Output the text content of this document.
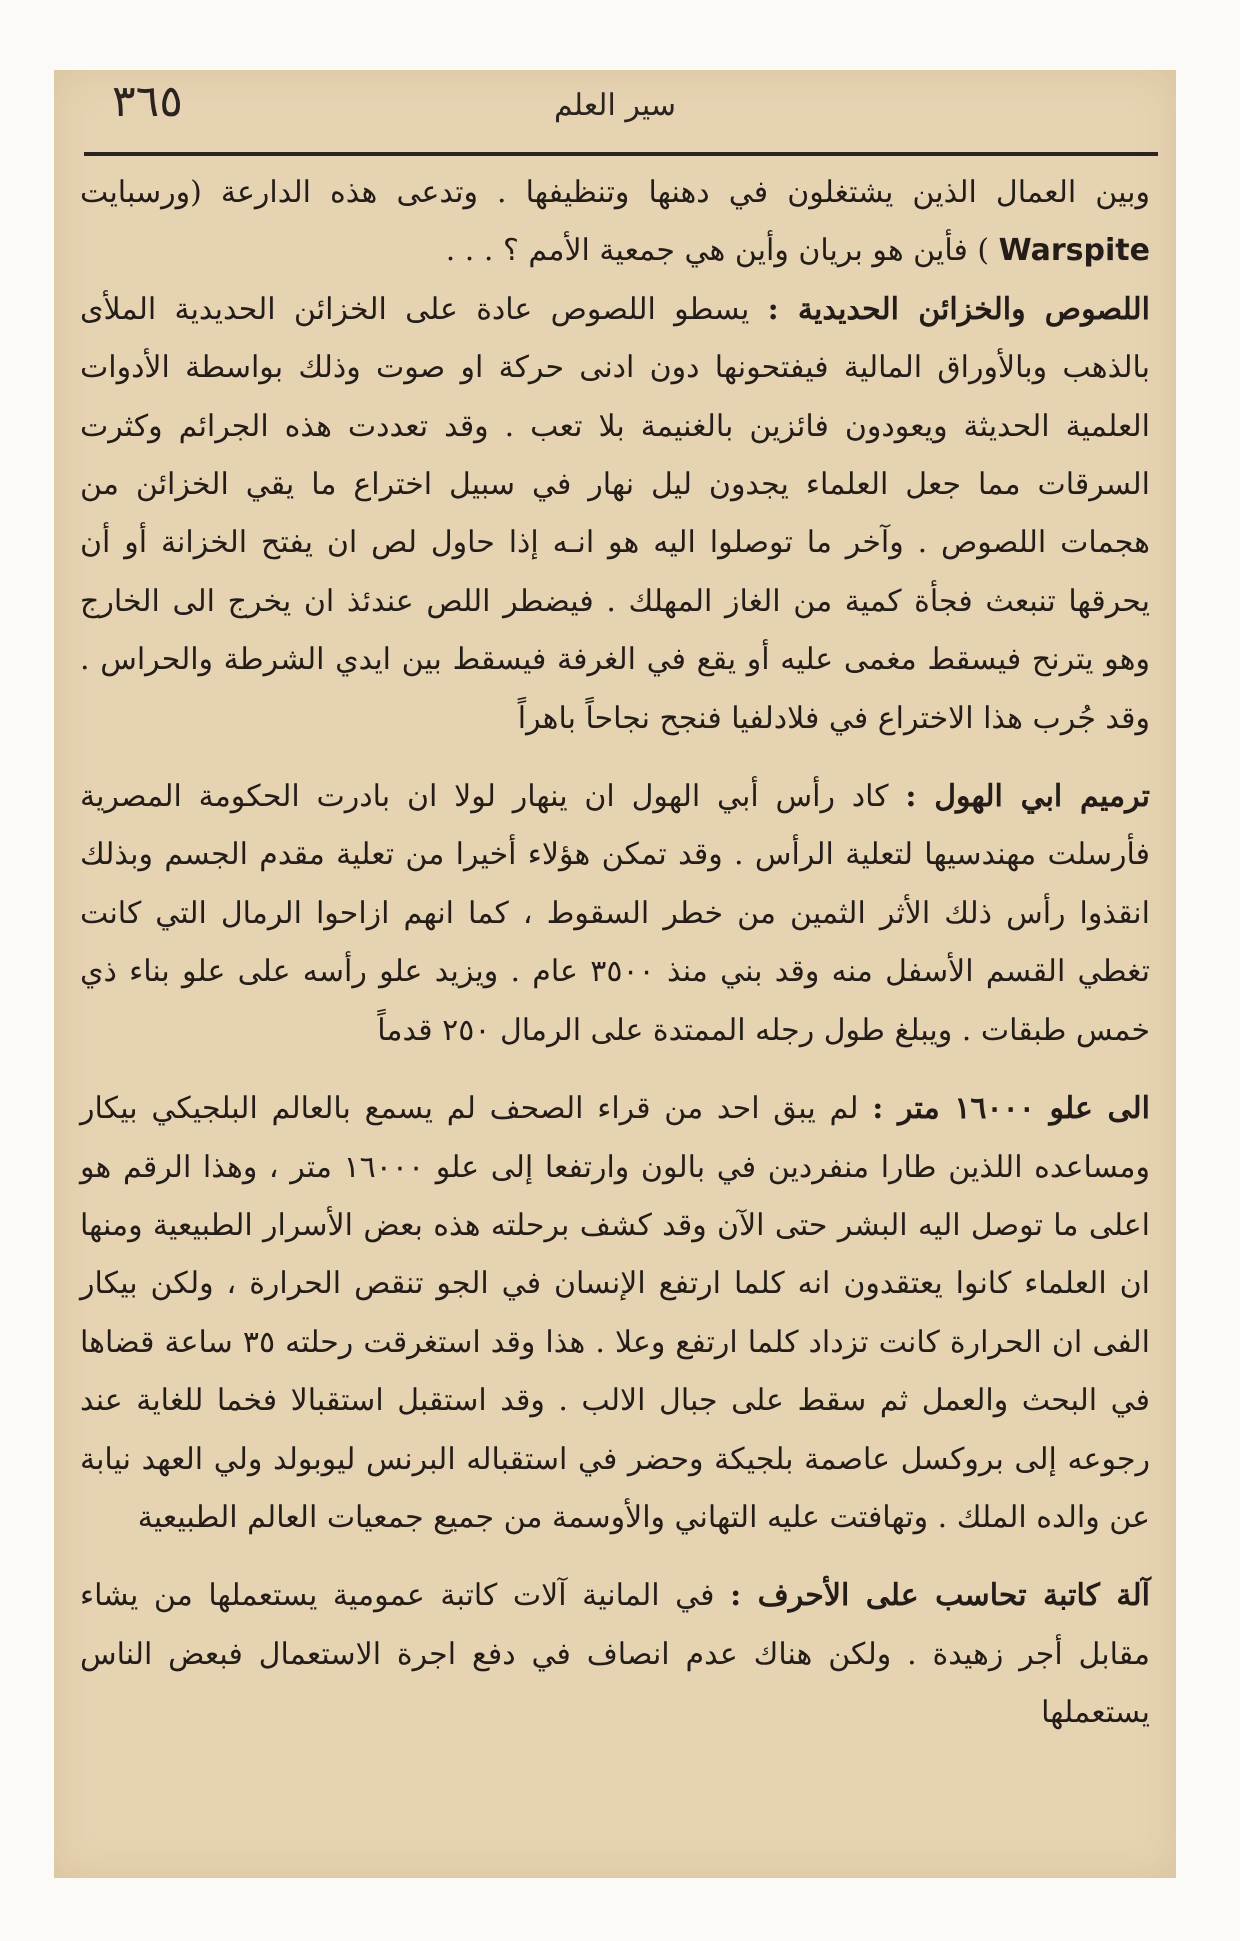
٣٦٥	سير العلم

وبين العمال الذين يشتغلون في دهنها وتنظيفها . وتدعى هذه الدارعة (ورسبايت Warspite ) فأين هو بريان وأين هي جمعية الأمم ؟ . . .

اللصوص والخزائن الحديدية : يسطو اللصوص عادة على الخزائن الحديدية الملأى بالذهب وبالأوراق المالية فيفتحونها دون ادنى حركة او صوت وذلك بواسطة الأدوات العلمية الحديثة ويعودون فائزين بالغنيمة بلا تعب . وقد تعددت هذه الجرائم وكثرت السرقات مما جعل العلماء يجدون ليل نهار في سبيل اختراع ما يقي الخزائن من هجمات اللصوص . وآخر ما توصلوا اليه هو انـه إذا حاول لص ان يفتح الخزانة أو أن يحرقها تنبعث فجأة كمية من الغاز المهلك . فيضطر اللص عندئذ ان يخرج الى الخارج وهو يترنح فيسقط مغمى عليه أو يقع في الغرفة فيسقط بين ايدي الشرطة والحراس . وقد جُرب هذا الاختراع في فلادلفيا فنجح نجاحاً باهراً

ترميم ابي الهول : كاد رأس أبي الهول ان ينهار لولا ان بادرت الحكومة المصرية فأرسلت مهندسيها لتعلية الرأس . وقد تمكن هؤلاء أخيرا من تعلية مقدم الجسم وبذلك انقذوا رأس ذلك الأثر الثمين من خطر السقوط ، كما انهم ازاحوا الرمال التي كانت تغطي القسم الأسفل منه وقد بني منذ ٣٥٠٠ عام . ويزيد علو رأسه على علو بناء ذي خمس طبقات . ويبلغ طول رجله الممتدة على الرمال ٢٥٠ قدماً

الى علو ١٦٠٠٠ متر : لم يبق احد من قراء الصحف لم يسمع بالعالم البلجيكي بيكار ومساعده اللذين طارا منفردين في بالون وارتفعا إلى علو ١٦٠٠٠ متر ، وهذا الرقم هو اعلى ما توصل اليه البشر حتى الآن وقد كشف برحلته هذه بعض الأسرار الطبيعية ومنها ان العلماء كانوا يعتقدون انه كلما ارتفع الإنسان في الجو تنقص الحرارة ، ولكن بيكار الفى ان الحرارة كانت تزداد كلما ارتفع وعلا . هذا وقد استغرقت رحلته ٣٥ ساعة قضاها في البحث والعمل ثم سقط على جبال الالب . وقد استقبل استقبالا فخما للغاية عند رجوعه إلى بروكسل عاصمة بلجيكة وحضر في استقباله البرنس ليوبولد ولي العهد نيابة عن والده الملك . وتهافتت عليه التهاني والأوسمة من جميع جمعيات العالم الطبيعية

آلة كاتبة تحاسب على الأحرف : في المانية آلات كاتبة عمومية يستعملها من يشاء مقابل أجر زهيدة . ولكن هناك عدم انصاف في دفع اجرة الاستعمال فبعض الناس يستعملها
